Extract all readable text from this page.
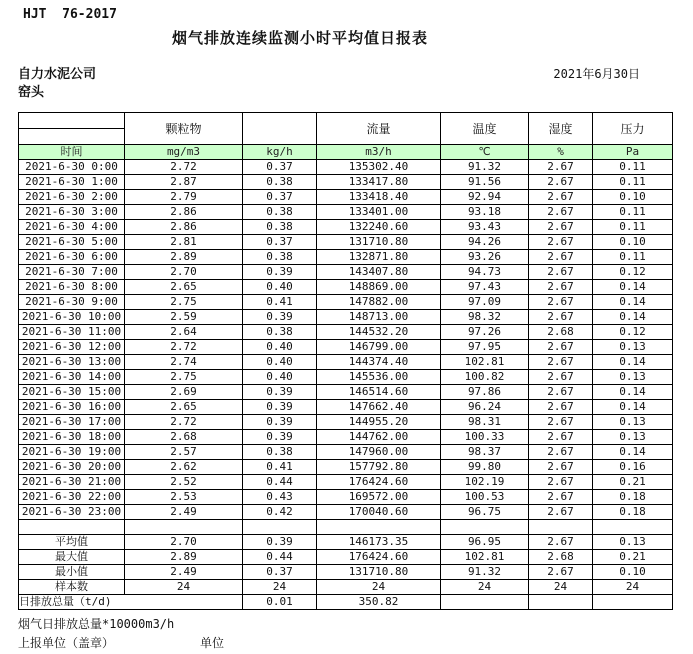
HJT  76-2017
烟气排放连续监测小时平均值日报表
自力水泥公司	2021年6月30日
窑头
	颗粒物		流量	温度	湿度	压力

时间	mg/m3	kg/h	m3/h	℃	%	Pa
2021-6-30 0:00	2.72	0.37	135302.40	91.32	2.67	0.11
2021-6-30 1:00	2.87	0.38	133417.80	91.56	2.67	0.11
2021-6-30 2:00	2.79	0.37	133418.40	92.94	2.67	0.10
2021-6-30 3:00	2.86	0.38	133401.00	93.18	2.67	0.11
2021-6-30 4:00	2.86	0.38	132240.60	93.43	2.67	0.11
2021-6-30 5:00	2.81	0.37	131710.80	94.26	2.67	0.10
2021-6-30 6:00	2.89	0.38	132871.80	93.26	2.67	0.11
2021-6-30 7:00	2.70	0.39	143407.80	94.73	2.67	0.12
2021-6-30 8:00	2.65	0.40	148869.00	97.43	2.67	0.14
2021-6-30 9:00	2.75	0.41	147882.00	97.09	2.67	0.14
2021-6-30 10:00	2.59	0.39	148713.00	98.32	2.67	0.14
2021-6-30 11:00	2.64	0.38	144532.20	97.26	2.68	0.12
2021-6-30 12:00	2.72	0.40	146799.00	97.95	2.67	0.13
2021-6-30 13:00	2.74	0.40	144374.40	102.81	2.67	0.14
2021-6-30 14:00	2.75	0.40	145536.00	100.82	2.67	0.13
2021-6-30 15:00	2.69	0.39	146514.60	97.86	2.67	0.14
2021-6-30 16:00	2.65	0.39	147662.40	96.24	2.67	0.14
2021-6-30 17:00	2.72	0.39	144955.20	98.31	2.67	0.13
2021-6-30 18:00	2.68	0.39	144762.00	100.33	2.67	0.13
2021-6-30 19:00	2.57	0.38	147960.00	98.37	2.67	0.14
2021-6-30 20:00	2.62	0.41	157792.80	99.80	2.67	0.16
2021-6-30 21:00	2.52	0.44	176424.60	102.19	2.67	0.21
2021-6-30 22:00	2.53	0.43	169572.00	100.53	2.67	0.18
2021-6-30 23:00	2.49	0.42	170040.60	96.75	2.67	0.18

平均值	2.70	0.39	146173.35	96.95	2.67	0.13
最大值	2.89	0.44	176424.60	102.81	2.68	0.21
最小值	2.49	0.37	131710.80	91.32	2.67	0.10
样本数	24	24	24	24	24	24
日排放总量（t/d)		0.01	350.82			
烟气日排放总量*10000m3/h
上报单位（盖章）	单位
